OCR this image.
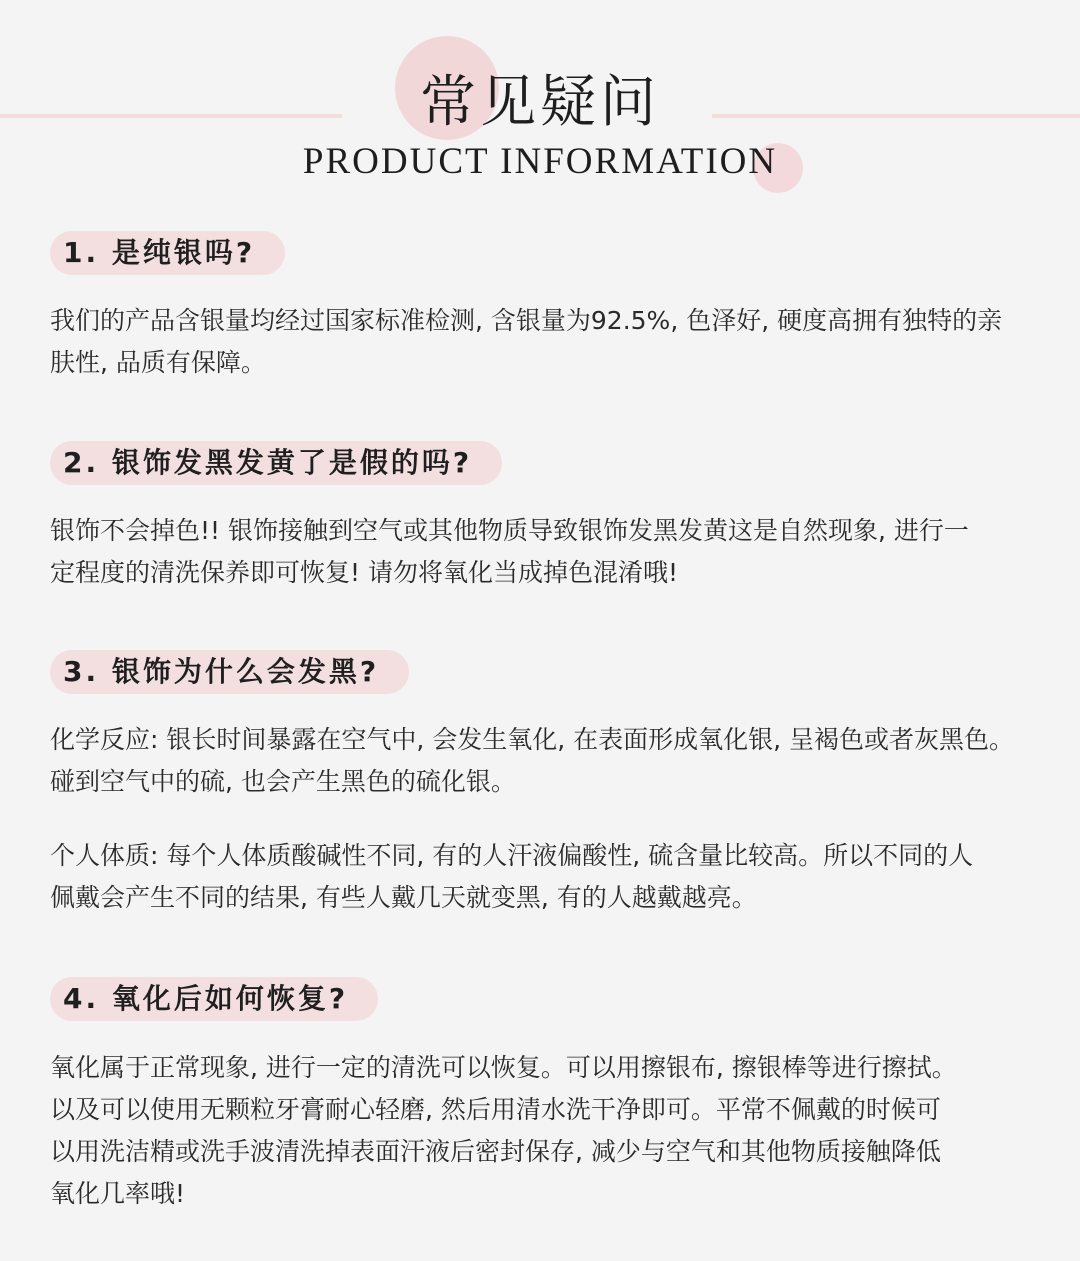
常见疑问
PRODUCT INFORMATION
1. 是纯银吗?

我们的产品含银量均经过国家标准检测, 含银量为92.5%, 色泽好, 硬度高拥有独特的亲
肤性, 品质有保障。

2. 银饰发黑发黄了是假的吗?

银饰不会掉色!! 银饰接触到空气或其他物质导致银饰发黑发黄这是自然现象, 进行一
定程度的清洗保养即可恢复! 请勿将氧化当成掉色混淆哦!

3. 银饰为什么会发黑?

化学反应: 银长时间暴露在空气中, 会发生氧化, 在表面形成氧化银, 呈褐色或者灰黑色。
碰到空气中的硫, 也会产生黑色的硫化银。

个人体质: 每个人体质酸碱性不同, 有的人汗液偏酸性, 硫含量比较高。所以不同的人
佩戴会产生不同的结果, 有些人戴几天就变黑, 有的人越戴越亮。

4. 氧化后如何恢复?

氧化属于正常现象, 进行一定的清洗可以恢复。可以用擦银布, 擦银棒等进行擦拭。
以及可以使用无颗粒牙膏耐心轻磨, 然后用清水洗干净即可。平常不佩戴的时候可
以用洗洁精或洗手波清洗掉表面汗液后密封保存, 减少与空气和其他物质接触降低
氧化几率哦!
